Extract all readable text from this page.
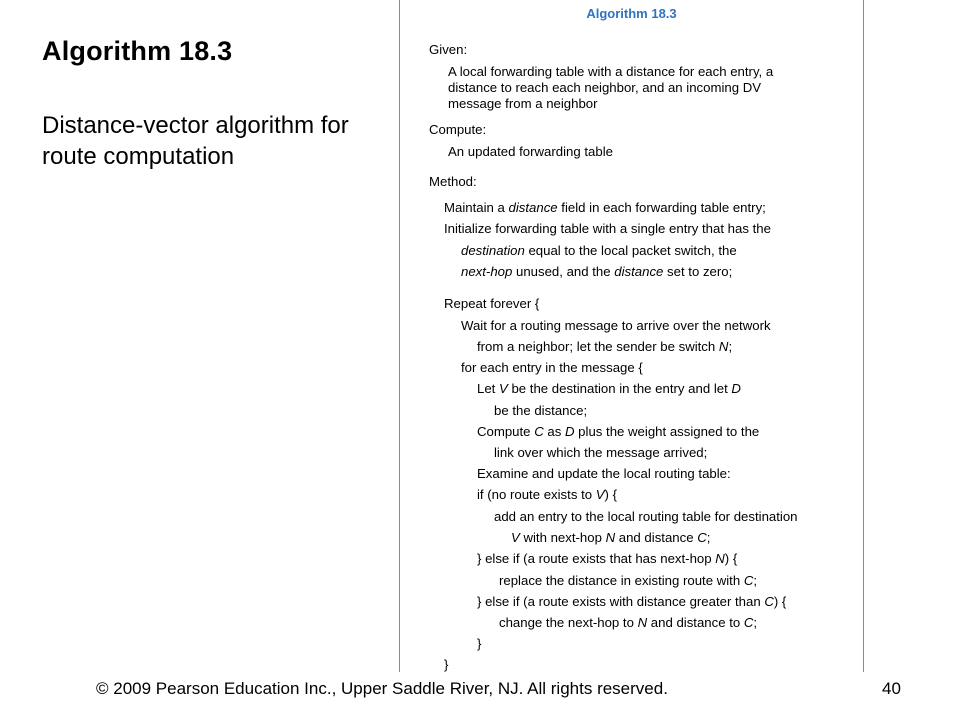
Algorithm 18.3
Distance-vector algorithm for route computation
Algorithm 18.3
Given:
A local forwarding table with a distance for each entry, a
distance to reach each neighbor, and an incoming DV
message from a neighbor
Compute:
An updated forwarding table
Method:
Maintain a distance field in each forwarding table entry;
Initialize forwarding table with a single entry that has the
destination equal to the local packet switch, the
next-hop unused, and the distance set to zero;
Repeat forever {
Wait for a routing message to arrive over the network
from a neighbor; let the sender be switch N;
for each entry in the message {
Let V be the destination in the entry and let D
be the distance;
Compute C as D plus the weight assigned to the
link over which the message arrived;
Examine and update the local routing table:
if (no route exists to V) {
add an entry to the local routing table for destination
V with next-hop N and distance C;
} else if (a route exists that has next-hop N) {
replace the distance in existing route with C;
} else if (a route exists with distance greater than C) {
change the next-hop to N and distance to C;
}
}
© 2009 Pearson Education Inc., Upper Saddle River, NJ. All rights reserved.	40
